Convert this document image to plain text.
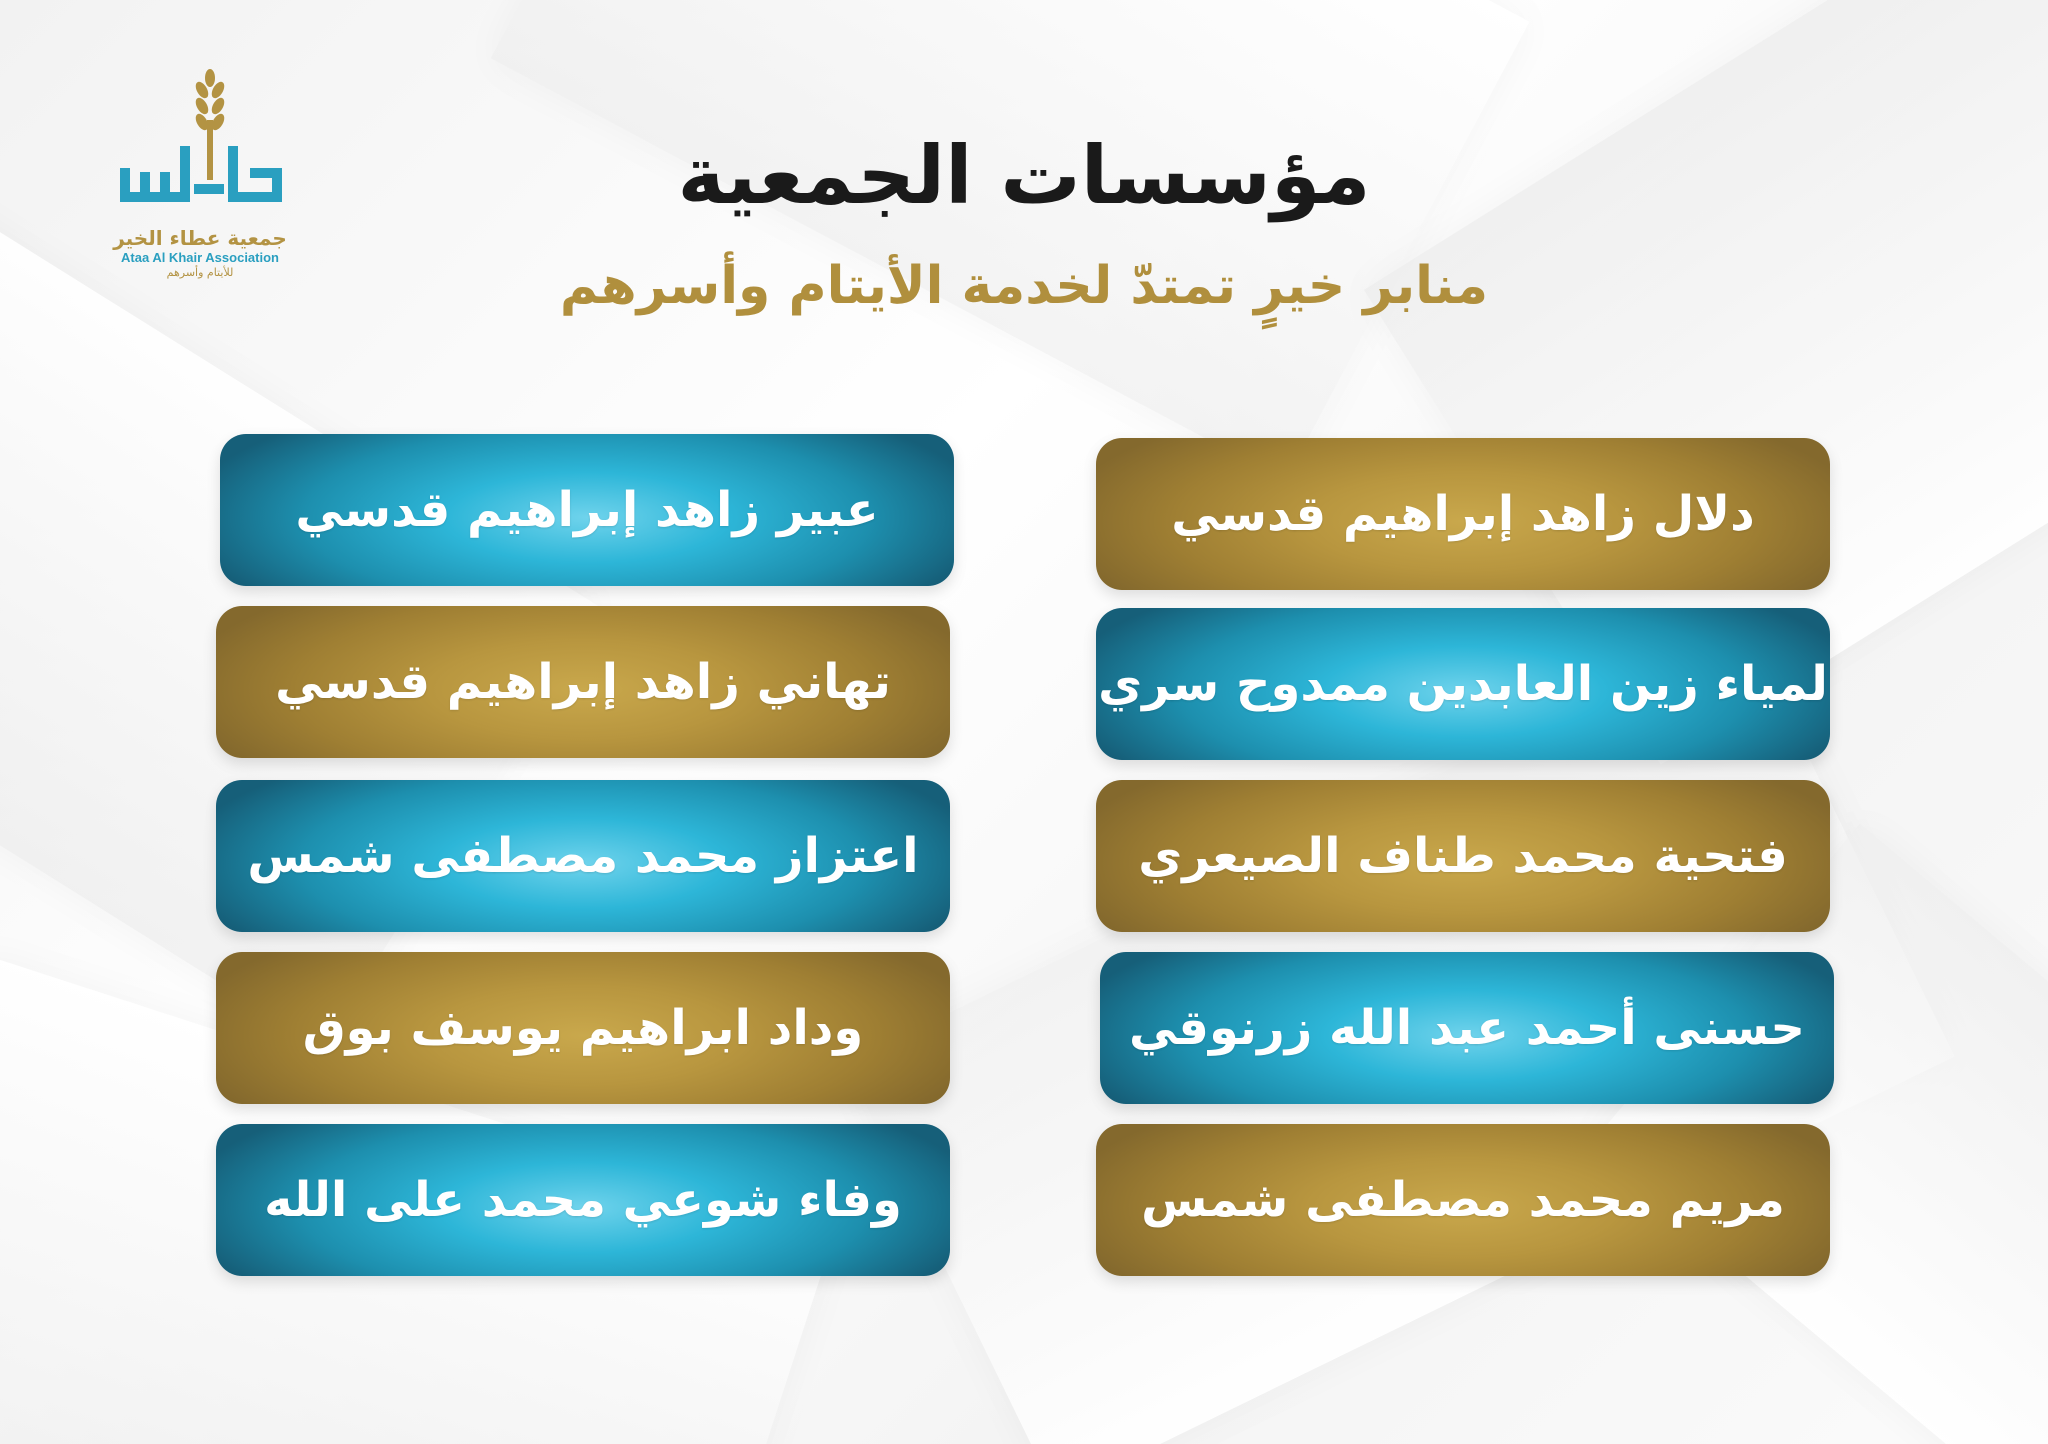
جمعية عطاء الخير
Ataa Al Khair Association
للأيتام وأسرهم
مؤسسات الجمعية
منابر خيرٍ تمتدّ لخدمة الأيتام وأسرهم
دلال زاهد إبراهيم قدسي
لمياء زين العابدين ممدوح سري
فتحية محمد طناف الصيعري
حسنى أحمد عبد الله زرنوقي
مريم محمد مصطفى شمس
عبير زاهد إبراهيم قدسي
تهاني زاهد إبراهيم قدسي
اعتزاز محمد مصطفى شمس
وداد ابراهيم يوسف بوق
وفاء شوعي محمد على الله
